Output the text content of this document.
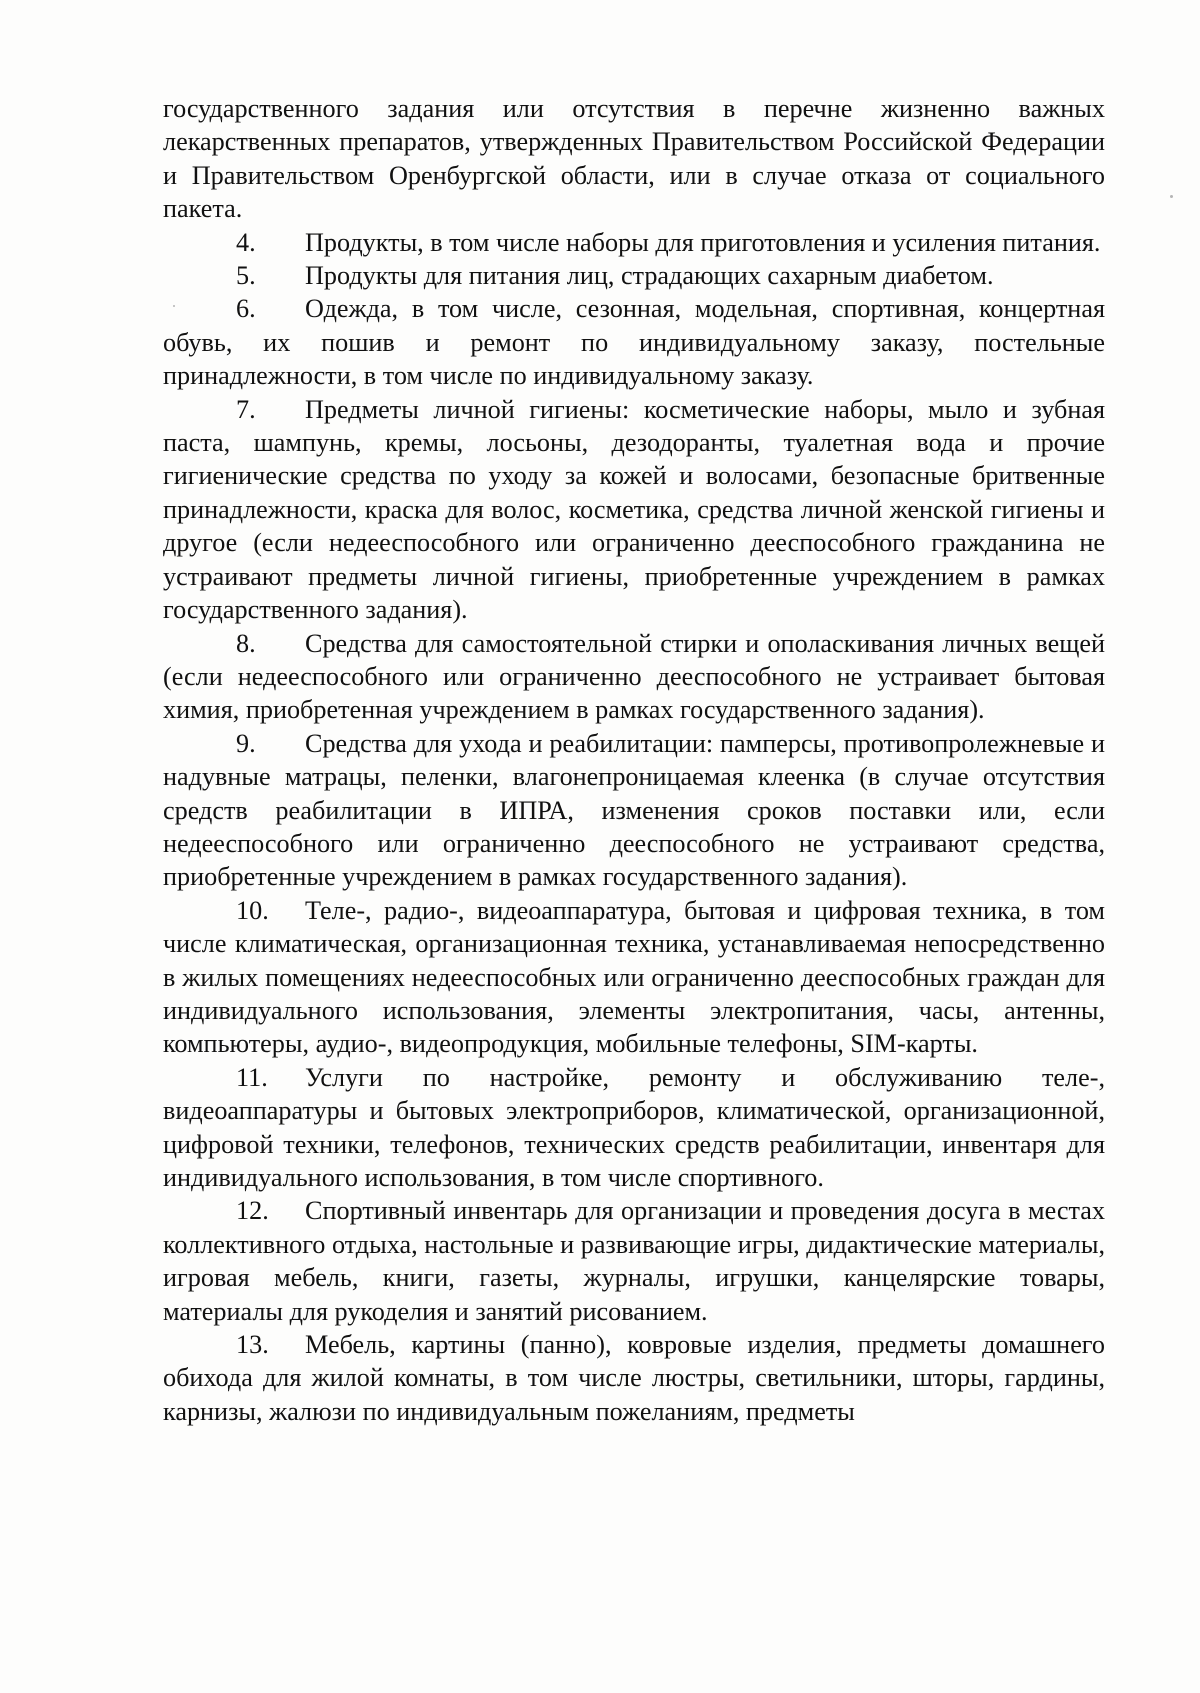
государственного задания или отсутствия в перечне жизненно важных лекарственных препаратов, утвержденных Правительством Российской Федерации и Правительством Оренбургской области, или в случае отказа от социального пакета.

4. Продукты, в том числе наборы для приготовления и усиления питания.

5. Продукты для питания лиц, страдающих сахарным диабетом.

6. Одежда, в том числе, сезонная, модельная, спортивная, концертная обувь, их пошив и ремонт по индивидуальному заказу, постельные принадлежности, в том числе по индивидуальному заказу.

7. Предметы личной гигиены: косметические наборы, мыло и зубная паста, шампунь, кремы, лосьоны, дезодоранты, туалетная вода и прочие гигиенические средства по уходу за кожей и волосами, безопасные бритвенные принадлежности, краска для волос, косметика, средства личной женской гигиены и другое (если недееспособного или ограниченно дееспособного гражданина не устраивают предметы личной гигиены, приобретенные учреждением в рамках государственного задания).

8. Средства для самостоятельной стирки и ополаскивания личных вещей (если недееспособного или ограниченно дееспособного не устраивает бытовая химия, приобретенная учреждением в рамках государственного задания).

9. Средства для ухода и реабилитации: памперсы, противопролежневые и надувные матрацы, пеленки, влагонепроницаемая клеенка (в случае отсутствия средств реабилитации в ИПРА, изменения сроков поставки или, если недееспособного или ограниченно дееспособного не устраивают средства, приобретенные учреждением в рамках государственного задания).

10. Теле-, радио-, видеоаппаратура, бытовая и цифровая техника, в том числе климатическая, организационная техника, устанавливаемая непосредственно в жилых помещениях недееспособных или ограниченно дееспособных граждан для индивидуального использования, элементы электропитания, часы, антенны, компьютеры, аудио-, видеопродукция, мобильные телефоны, SIM-карты.

11. Услуги по настройке, ремонту и обслуживанию теле-, видеоаппаратуры и бытовых электроприборов, климатической, организационной, цифровой техники, телефонов, технических средств реабилитации, инвентаря для индивидуального использования, в том числе спортивного.

12. Спортивный инвентарь для организации и проведения досуга в местах коллективного отдыха, настольные и развивающие игры, дидактические материалы, игровая мебель, книги, газеты, журналы, игрушки, канцелярские товары, материалы для рукоделия и занятий рисованием.

13. Мебель, картины (панно), ковровые изделия, предметы домашнего обихода для жилой комнаты, в том числе люстры, светильники, шторы, гардины, карнизы, жалюзи по индивидуальным пожеланиям, предметы
